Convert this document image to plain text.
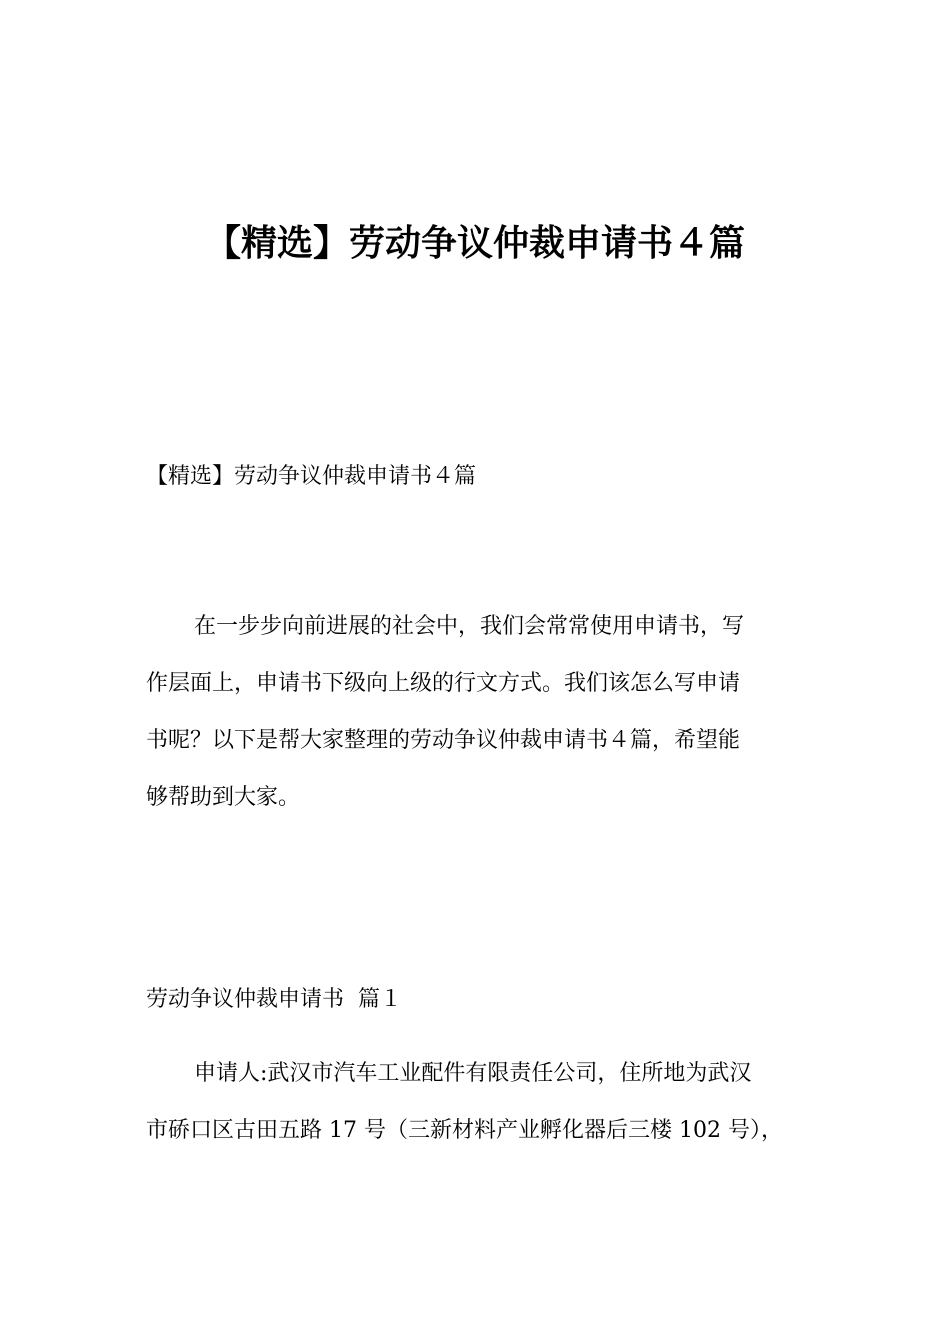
【精选】劳动争议仲裁申请书４篇

【精选】劳动争议仲裁申请书４篇

在一步步向前进展的社会中，我们会常常使用申请书，写
作层面上，申请书下级向上级的行文方式。我们该怎么写申请
书呢？以下是帮大家整理的劳动争议仲裁申请书４篇，希望能
够帮助到大家。

劳动争议仲裁申请书  篇１

申请人:武汉市汽车工业配件有限责任公司，住所地为武汉
市硚口区古田五路 17 号（三新材料产业孵化器后三楼 102 号），
